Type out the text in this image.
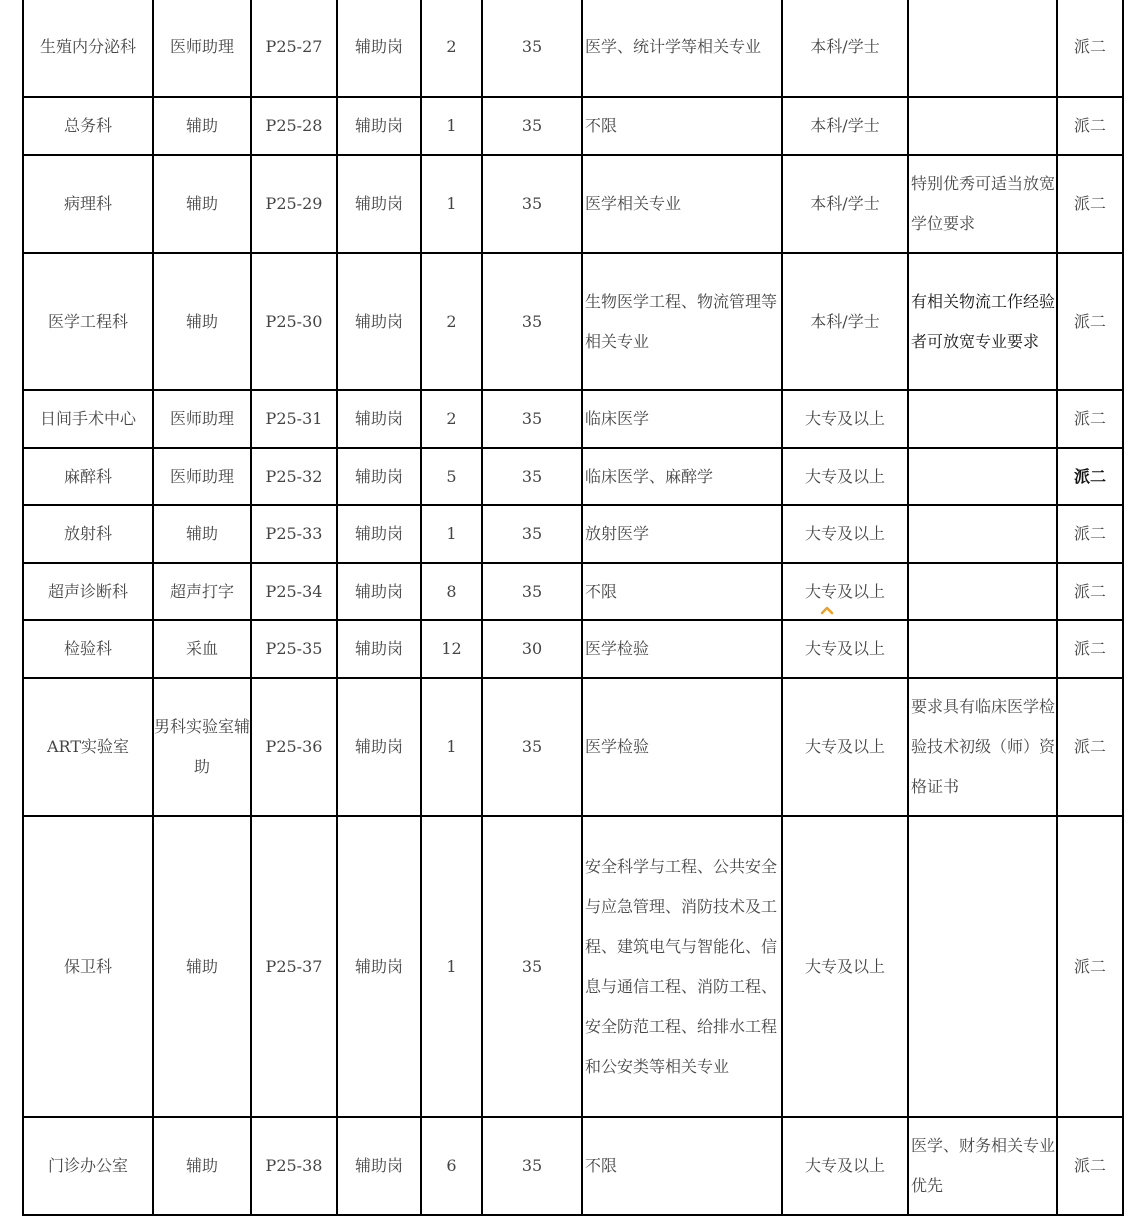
生殖内分泌科	医师助理	P25-27	辅助岗	2	35	医学、统计学等相关专业	本科/学士		派二
总务科	辅助	P25-28	辅助岗	1	35	不限	本科/学士		派二
病理科	辅助	P25-29	辅助岗	1	35	医学相关专业	本科/学士	特别优秀可适当放宽学位要求	派二
医学工程科	辅助	P25-30	辅助岗	2	35	生物医学工程、物流管理等相关专业	本科/学士	有相关物流工作经验者可放宽专业要求	派二
日间手术中心	医师助理	P25-31	辅助岗	2	35	临床医学	大专及以上		派二
麻醉科	医师助理	P25-32	辅助岗	5	35	临床医学、麻醉学	大专及以上		派二
放射科	辅助	P25-33	辅助岗	1	35	放射医学	大专及以上		派二
超声诊断科	超声打字	P25-34	辅助岗	8	35	不限	大专及以上		派二
检验科	采血	P25-35	辅助岗	12	30	医学检验	大专及以上		派二
ART实验室	男科实验室辅助	P25-36	辅助岗	1	35	医学检验	大专及以上	要求具有临床医学检验技术初级（师）资格证书	派二
保卫科	辅助	P25-37	辅助岗	1	35	安全科学与工程、公共安全与应急管理、消防技术及工程、建筑电气与智能化、信息与通信工程、消防工程、安全防范工程、给排水工程和公安类等相关专业	大专及以上		派二
门诊办公室	辅助	P25-38	辅助岗	6	35	不限	大专及以上	医学、财务相关专业优先	派二
